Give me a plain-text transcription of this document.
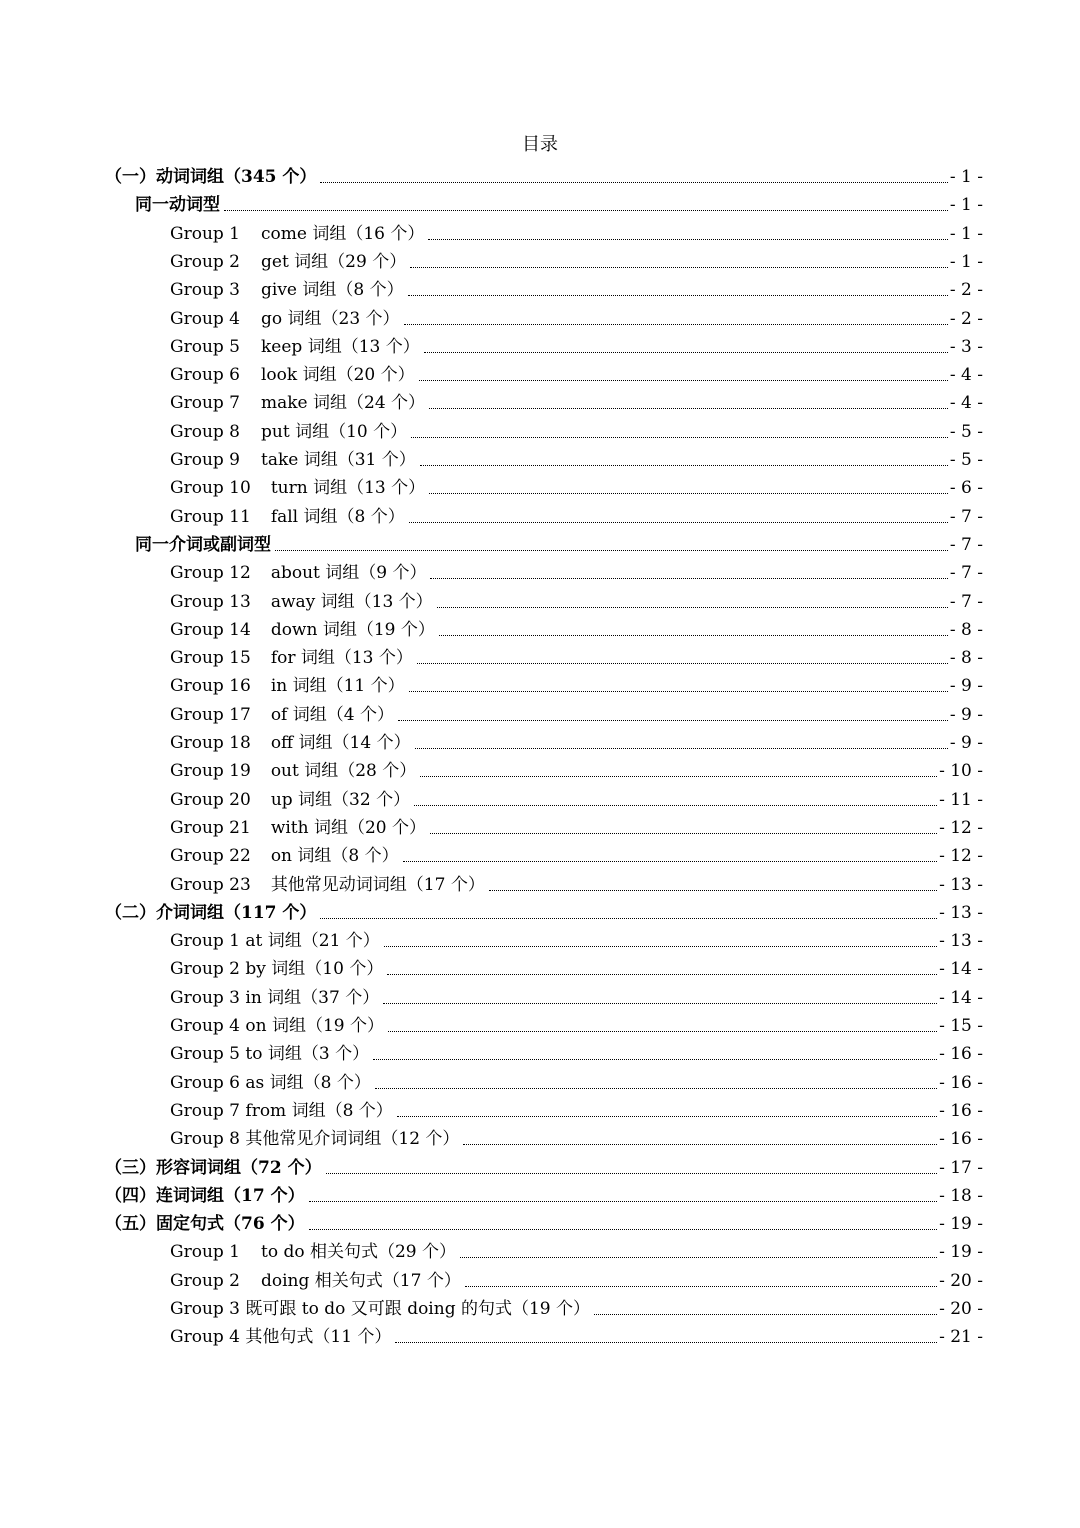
目录
（一）动词词组（345 个）	- 1 -
同一动词型	- 1 -
Group 1 come 词组（16 个）	- 1 -
Group 2 get 词组（29 个）	- 1 -
Group 3 give 词组（8 个）	- 2 -
Group 4 go 词组（23 个）	- 2 -
Group 5 keep 词组（13 个）	- 3 -
Group 6 look 词组（20 个）	- 4 -
Group 7 make 词组（24 个）	- 4 -
Group 8 put 词组（10 个）	- 5 -
Group 9 take 词组（31 个）	- 5 -
Group 10 turn 词组（13 个）	- 6 -
Group 11 fall 词组（8 个）	- 7 -
同一介词或副词型	- 7 -
Group 12 about 词组（9 个）	- 7 -
Group 13 away 词组（13 个）	- 7 -
Group 14 down 词组（19 个）	- 8 -
Group 15 for 词组（13 个）	- 8 -
Group 16 in 词组（11 个）	- 9 -
Group 17 of 词组（4 个）	- 9 -
Group 18 off 词组（14 个）	- 9 -
Group 19 out 词组（28 个）	- 10 -
Group 20 up 词组（32 个）	- 11 -
Group 21 with 词组（20 个）	- 12 -
Group 22 on 词组（8 个）	- 12 -
Group 23 其他常见动词词组（17 个）	- 13 -
（二）介词词组（117 个）	- 13 -
Group 1 at 词组（21 个）	- 13 -
Group 2 by 词组（10 个）	- 14 -
Group 3 in 词组（37 个）	- 14 -
Group 4 on 词组（19 个）	- 15 -
Group 5 to 词组（3 个）	- 16 -
Group 6 as 词组（8 个）	- 16 -
Group 7 from 词组（8 个）	- 16 -
Group 8 其他常见介词词组（12 个）	- 16 -
（三）形容词词组（72 个）	- 17 -
（四）连词词组（17 个）	- 18 -
（五）固定句式（76 个）	- 19 -
Group 1 to do 相关句式（29 个）	- 19 -
Group 2 doing 相关句式（17 个）	- 20 -
Group 3 既可跟 to do 又可跟 doing 的句式（19 个）	- 20 -
Group 4 其他句式（11 个）	- 21 -
